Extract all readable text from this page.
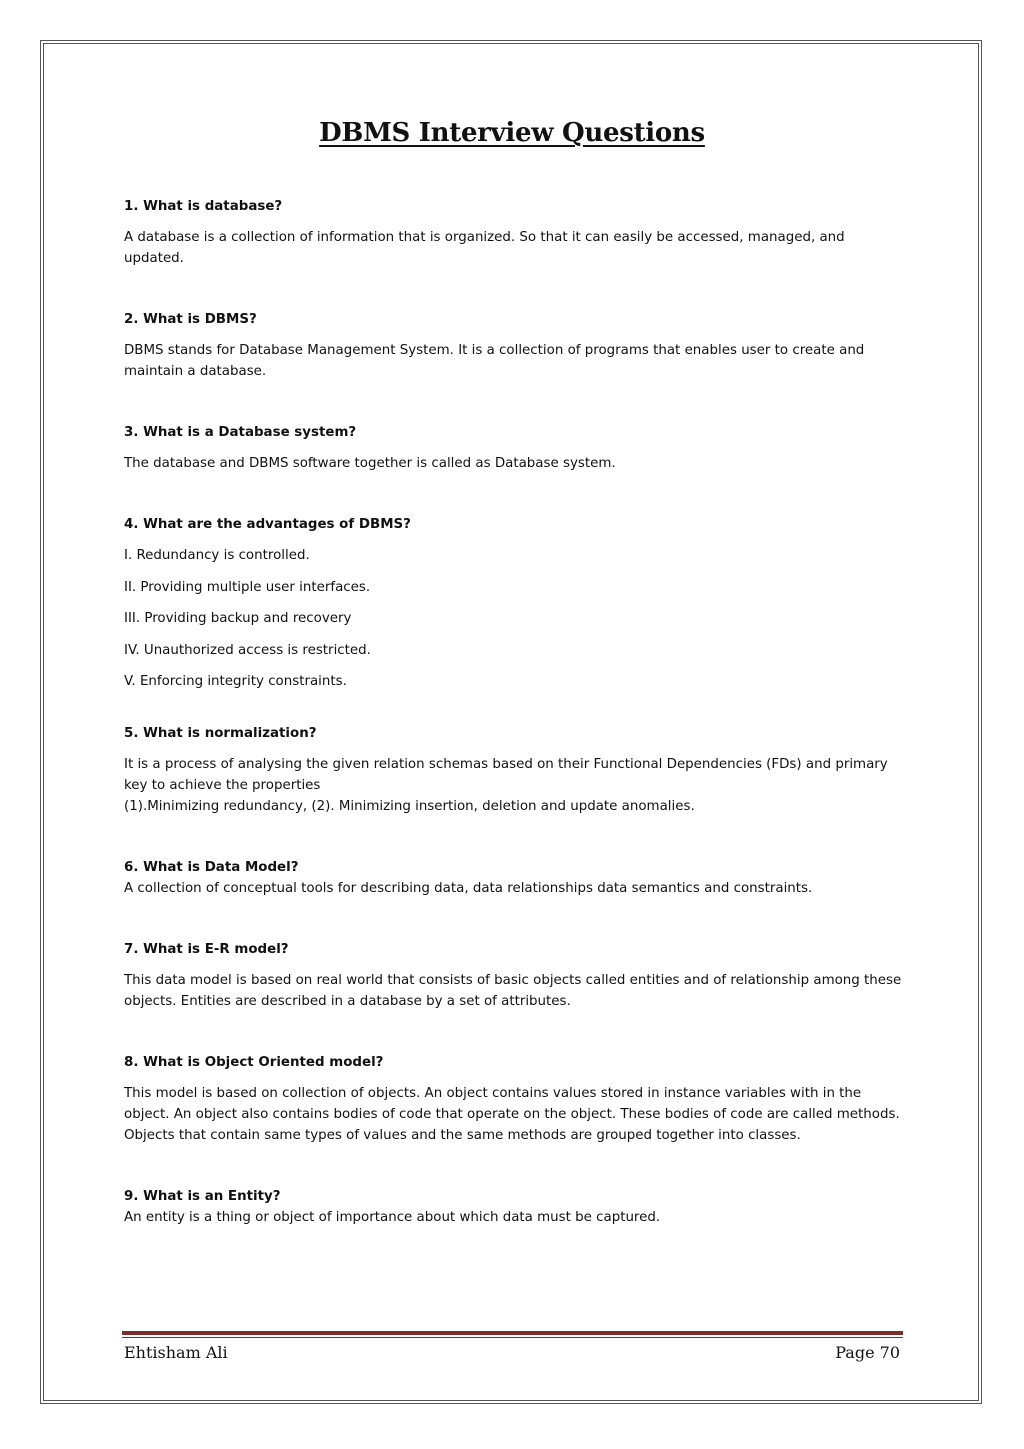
DBMS Interview Questions

1. What is database?

A database is a collection of information that is organized. So that it can easily be accessed, managed, and updated.

2. What is DBMS?

DBMS stands for Database Management System. It is a collection of programs that enables user to create and maintain a database.

3. What is a Database system?

The database and DBMS software together is called as Database system.

4. What are the advantages of DBMS?

I. Redundancy is controlled.

II. Providing multiple user interfaces.

III. Providing backup and recovery

IV. Unauthorized access is restricted.

V. Enforcing integrity constraints.

5. What is normalization?

It is a process of analysing the given relation schemas based on their Functional Dependencies (FDs) and primary key to achieve the properties

(1).Minimizing redundancy, (2). Minimizing insertion, deletion and update anomalies.

6. What is Data Model?

A collection of conceptual tools for describing data, data relationships data semantics and constraints.

7. What is E-R model?

This data model is based on real world that consists of basic objects called entities and of relationship among these objects. Entities are described in a database by a set of attributes.

8. What is Object Oriented model?

This model is based on collection of objects. An object contains values stored in instance variables with in the object. An object also contains bodies of code that operate on the object. These bodies of code are called methods. Objects that contain same types of values and the same methods are grouped together into classes.

9. What is an Entity?

An entity is a thing or object of importance about which data must be captured.

Ehtisham Ali	Page 70
